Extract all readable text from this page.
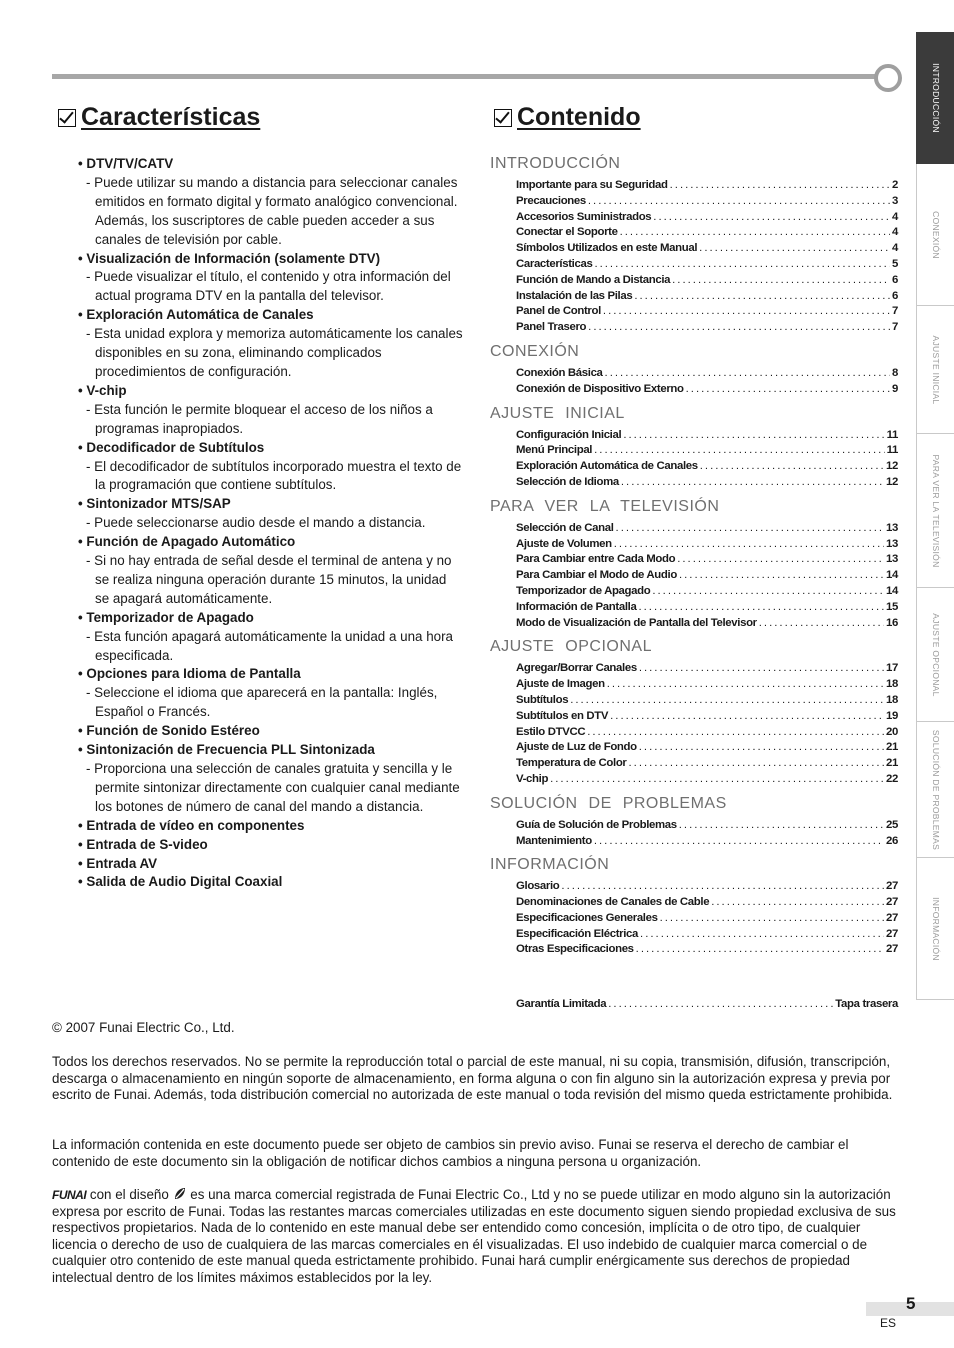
INTRODUCCIÓN
CONEXIÓN
AJUSTE INICIAL
PARA VER LA TELEVISIÓN
AJUSTE OPCIONAL
SOLUCIÓN DE PROBLEMAS
INFORMACIÓN
Características	Contenido
• DTV/TV/CATV
- Puede utilizar su mando a distancia para seleccionar canales emitidos en formato digital y formato analógico convencional. Además, los suscriptores de cable pueden acceder a sus canales de televisión por cable.
• Visualización de Información (solamente DTV)
- Puede visualizar el título, el contenido y otra información del actual programa DTV en la pantalla del televisor.
• Exploración Automática de Canales
- Esta unidad explora y memoriza automáticamente los canales disponibles en su zona, eliminando complicados procedimientos de configuración.
• V-chip
- Esta función le permite bloquear el acceso de los niños a programas inapropiados.
• Decodificador de Subtítulos
- El decodificador de subtítulos incorporado muestra el texto de la programación que contiene subtítulos.
• Sintonizador MTS/SAP
- Puede seleccionarse audio desde el mando a distancia.
• Función de Apagado Automático
- Si no hay entrada de señal desde el terminal de antena y no se realiza ninguna operación durante 15 minutos, la unidad se apagará automáticamente.
• Temporizador de Apagado
- Esta función apagará automáticamente la unidad a una hora especificada.
• Opciones para Idioma de Pantalla
- Seleccione el idioma que aparecerá en la pantalla: Inglés, Español o Francés.
• Función de Sonido Estéreo
• Sintonización de Frecuencia PLL Sintonizada
- Proporciona una selección de canales gratuita y sencilla y le permite sintonizar directamente con cualquier canal mediante los botones de número de canal del mando a distancia.
• Entrada de vídeo en componentes
• Entrada de S-video
• Entrada AV
• Salida de Audio Digital Coaxial
INTRODUCCIÓN
Importante para su Seguridad .....	2
Precauciones .....	3
Accesorios Suministrados .....	4
Conectar el Soporte .....	4
Símbolos Utilizados en este Manual .....	4
Características .....	5
Función de Mando a Distancia .....	6
Instalación de las Pilas .....	6
Panel de Control .....	7
Panel Trasero .....	7
CONEXIÓN
Conexión Básica .....	8
Conexión de Dispositivo Externo .....	9
AJUSTE INICIAL
Configuración Inicial .....	11
Menú Principal .....	11
Exploración Automática de Canales .....	12
Selección de Idioma .....	12
PARA VER LA TELEVISIÓN
Selección de Canal .....	13
Ajuste de Volumen .....	13
Para Cambiar entre Cada Modo .....	13
Para Cambiar el Modo de Audio .....	14
Temporizador de Apagado .....	14
Información de Pantalla .....	15
Modo de Visualización de Pantalla del Televisor .....	16
AJUSTE OPCIONAL
Agregar/Borrar Canales .....	17
Ajuste de Imagen .....	18
Subtítulos .....	18
Subtítulos en DTV .....	19
Estilo DTVCC .....	20
Ajuste de Luz de Fondo .....	21
Temperatura de Color .....	21
V-chip .....	22
SOLUCIÓN DE PROBLEMAS
Guía de Solución de Problemas .....	25
Mantenimiento .....	26
INFORMACIÓN
Glosario .....	27
Denominaciones de Canales de Cable .....	27
Especificaciones Generales .....	27
Especificación Eléctrica .....	27
Otras Especificaciones .....	27
Garantía Limitada .....	Tapa trasera
© 2007 Funai Electric Co., Ltd.

Todos los derechos reservados. No se permite la reproducción total o parcial de este manual, ni su copia, transmisión, difusión, transcripción, descarga o almacenamiento en ningún soporte de almacenamiento, en forma alguna o con fin alguno sin la autorización expresa y previa por escrito de Funai. Además, toda distribución comercial no autorizada de este manual o toda revisión del mismo queda estrictamente prohibida.

La información contenida en este documento puede ser objeto de cambios sin previo aviso. Funai se reserva el derecho de cambiar el contenido de este documento sin la obligación de notificar dichos cambios a ninguna persona u organización.

FUNAI con el diseño  es una marca comercial registrada de Funai Electric Co., Ltd y no se puede utilizar en modo alguno sin la autorización expresa por escrito de Funai. Todas las restantes marcas comerciales utilizadas en este documento siguen siendo propiedad exclusiva de sus respectivos propietarios. Nada de lo contenido en este manual debe ser entendido como concesión, implícita o de otro tipo, de cualquier licencia o derecho de uso de cualquiera de las marcas comerciales en él visualizadas. El uso indebido de cualquier marca comercial o de cualquier otro contenido de este manual queda estrictamente prohibido. Funai hará cumplir enérgicamente sus derechos de propiedad intelectual dentro de los límites máximos establecidos por la ley.

5
ES
